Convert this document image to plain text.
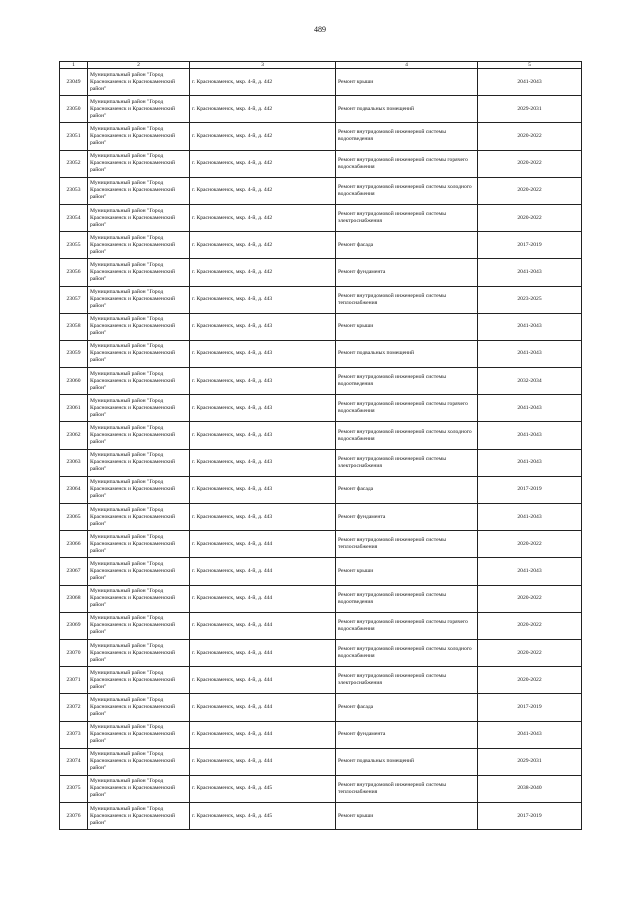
489
1	2	3	4	5
23049	Муниципальный район "Город Краснокаменск и Краснокаменский район"	г. Краснокаменск, мкр. 4-й, д. 442	Ремонт крыши	2041-2043
23050	Муниципальный район "Город Краснокаменск и Краснокаменский район"	г. Краснокаменск, мкр. 4-й, д. 442	Ремонт подвальных помещений	2029-2031
23051	Муниципальный район "Город Краснокаменск и Краснокаменский район"	г. Краснокаменск, мкр. 4-й, д. 442	Ремонт внутридомовой инженерной системы водоотведения	2020-2022
23052	Муниципальный район "Город Краснокаменск и Краснокаменский район"	г. Краснокаменск, мкр. 4-й, д. 442	Ремонт внутридомовой инженерной системы горячего водоснабжения	2020-2022
23053	Муниципальный район "Город Краснокаменск и Краснокаменский район"	г. Краснокаменск, мкр. 4-й, д. 442	Ремонт внутридомовой инженерной системы холодного водоснабжения	2020-2022
23054	Муниципальный район "Город Краснокаменск и Краснокаменский район"	г. Краснокаменск, мкр. 4-й, д. 442	Ремонт внутридомовой инженерной системы электроснабжения	2020-2022
23055	Муниципальный район "Город Краснокаменск и Краснокаменский район"	г. Краснокаменск, мкр. 4-й, д. 442	Ремонт фасада	2017-2019
23056	Муниципальный район "Город Краснокаменск и Краснокаменский район"	г. Краснокаменск, мкр. 4-й, д. 442	Ремонт фундамента	2041-2043
23057	Муниципальный район "Город Краснокаменск и Краснокаменский район"	г. Краснокаменск, мкр. 4-й, д. 443	Ремонт внутридомовой инженерной системы теплоснабжения	2023-2025
23058	Муниципальный район "Город Краснокаменск и Краснокаменский район"	г. Краснокаменск, мкр. 4-й, д. 443	Ремонт крыши	2041-2043
23059	Муниципальный район "Город Краснокаменск и Краснокаменский район"	г. Краснокаменск, мкр. 4-й, д. 443	Ремонт подвальных помещений	2041-2043
23060	Муниципальный район "Город Краснокаменск и Краснокаменский район"	г. Краснокаменск, мкр. 4-й, д. 443	Ремонт внутридомовой инженерной системы водоотведения	2032-2034
23061	Муниципальный район "Город Краснокаменск и Краснокаменский район"	г. Краснокаменск, мкр. 4-й, д. 443	Ремонт внутридомовой инженерной системы горячего водоснабжения	2041-2043
23062	Муниципальный район "Город Краснокаменск и Краснокаменский район"	г. Краснокаменск, мкр. 4-й, д. 443	Ремонт внутридомовой инженерной системы холодного водоснабжения	2041-2043
23063	Муниципальный район "Город Краснокаменск и Краснокаменский район"	г. Краснокаменск, мкр. 4-й, д. 443	Ремонт внутридомовой инженерной системы электроснабжения	2041-2043
23064	Муниципальный район "Город Краснокаменск и Краснокаменский район"	г. Краснокаменск, мкр. 4-й, д. 443	Ремонт фасада	2017-2019
23065	Муниципальный район "Город Краснокаменск и Краснокаменский район"	г. Краснокаменск, мкр. 4-й, д. 443	Ремонт фундамента	2041-2043
23066	Муниципальный район "Город Краснокаменск и Краснокаменский район"	г. Краснокаменск, мкр. 4-й, д. 444	Ремонт внутридомовой инженерной системы теплоснабжения	2020-2022
23067	Муниципальный район "Город Краснокаменск и Краснокаменский район"	г. Краснокаменск, мкр. 4-й, д. 444	Ремонт крыши	2041-2043
23068	Муниципальный район "Город Краснокаменск и Краснокаменский район"	г. Краснокаменск, мкр. 4-й, д. 444	Ремонт внутридомовой инженерной системы водоотведения	2020-2022
23069	Муниципальный район "Город Краснокаменск и Краснокаменский район"	г. Краснокаменск, мкр. 4-й, д. 444	Ремонт внутридомовой инженерной системы горячего водоснабжения	2020-2022
23070	Муниципальный район "Город Краснокаменск и Краснокаменский район"	г. Краснокаменск, мкр. 4-й, д. 444	Ремонт внутридомовой инженерной системы холодного водоснабжения	2020-2022
23071	Муниципальный район "Город Краснокаменск и Краснокаменский район"	г. Краснокаменск, мкр. 4-й, д. 444	Ремонт внутридомовой инженерной системы электроснабжения	2020-2022
23072	Муниципальный район "Город Краснокаменск и Краснокаменский район"	г. Краснокаменск, мкр. 4-й, д. 444	Ремонт фасада	2017-2019
23073	Муниципальный район "Город Краснокаменск и Краснокаменский район"	г. Краснокаменск, мкр. 4-й, д. 444	Ремонт фундамента	2041-2043
23074	Муниципальный район "Город Краснокаменск и Краснокаменский район"	г. Краснокаменск, мкр. 4-й, д. 444	Ремонт подвальных помещений	2029-2031
23075	Муниципальный район "Город Краснокаменск и Краснокаменский район"	г. Краснокаменск, мкр. 4-й, д. 445	Ремонт внутридомовой инженерной системы теплоснабжения	2038-2040
23076	Муниципальный район "Город Краснокаменск и Краснокаменский район"	г. Краснокаменск, мкр. 4-й, д. 445	Ремонт крыши	2017-2019
